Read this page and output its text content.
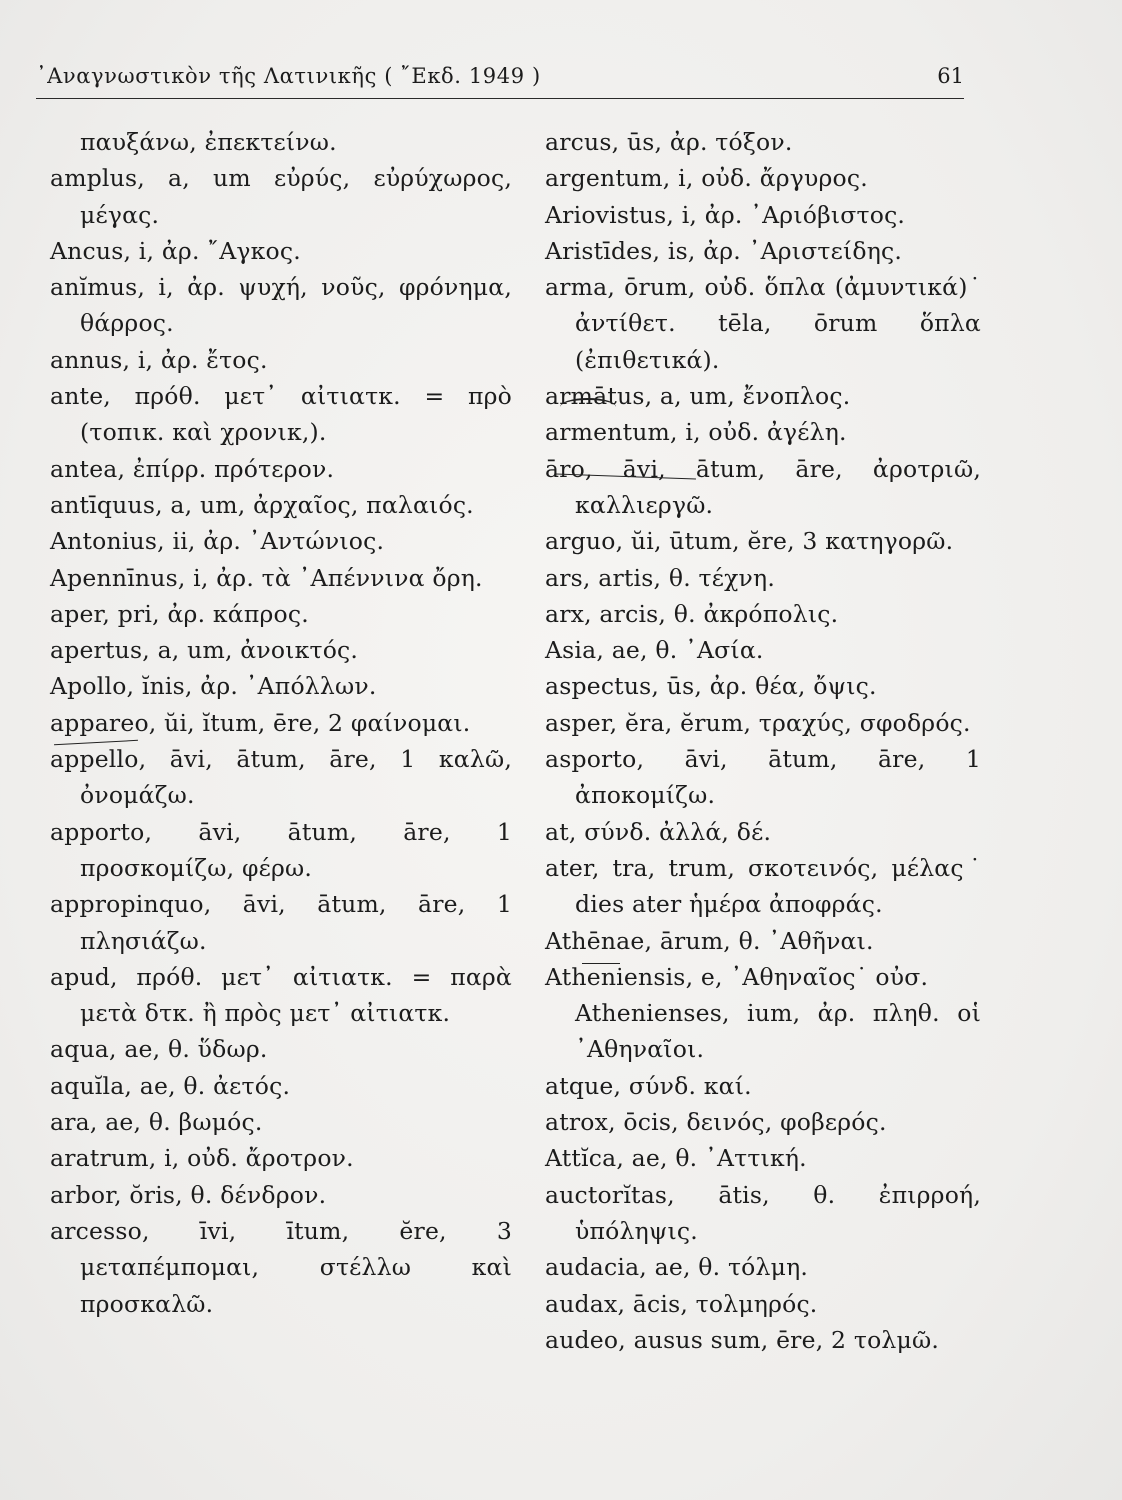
᾿Αναγνωστικὸν τῆς Λατινικῆς ( ῎Εκδ. 1949 )	61

παυξάνω, ἐπεκτείνω.

amplus, a, um εὐρύς, εὐρύχωρος, μέγας.

Ancus, i, ἀρ. ῎Αγκος.

anĭmus, i, ἀρ. ψυχή, νοῦς, φρόνημα, θάρρος.

annus, i, ἀρ. ἔτος.

ante, πρόθ. μετ᾿ αἰτιατκ. = πρὸ (τοπικ. καὶ χρονικ,).

antea, ἐπίρρ. πρότερον.

antīquus, a, um, ἀρχαῖος, παλαιός.

Antonius, ii, ἀρ. ᾿Αντώνιος.

Apennīnus, i, ἀρ. τὰ ᾿Απέννινα ὄρη.

aper, pri, ἀρ. κάπρος.

apertus, a, um, ἀνοικτός.

Apollo, ĭnis, ἀρ. ᾿Απόλλων.

appareo, ŭi, ĭtum, ēre, 2 φαίνομαι.

appello, āvi, ātum, āre, 1 καλῶ, ὀνομάζω.

apporto, āvi, ātum, āre, 1 προσκομίζω, φέρω.

appropinquo, āvi, ātum, āre, 1 πλησιάζω.

apud, πρόθ. μετ᾿ αἰτιατκ. = παρὰ μετὰ δτκ. ἢ πρὸς μετ᾿ αἰτιατκ.

aqua, ae, θ. ὕδωρ.

aquĭla, ae, θ. ἀετός.

ara, ae, θ. βωμός.

aratrum, i, οὐδ. ἄροτρον.

arbor, ŏris, θ. δένδρον.

arcesso, īvi, ītum, ĕre, 3 μεταπέμπομαι, στέλλω καὶ προσκαλῶ.

arcus, ūs, ἀρ. τόξον.

argentum, i, οὐδ. ἄργυρος.

Ariovistus, i, ἀρ. ᾿Αριόβιστος.

Aristīdes, is, ἀρ. ᾿Αριστείδης.

arma, ōrum, οὐδ. ὅπλα (ἀμυντικά)˙ ἀντίθετ. tēla, ōrum ὅπλα (ἐπιθετικά).

armātus, a, um, ἔνοπλος.

armentum, i, οὐδ. ἀγέλη.

āro, āvi, ātum, āre, ἀροτριῶ, καλλιεργῶ.

arguo, ŭi, ūtum, ĕre, 3 κατηγορῶ.

ars, artis, θ. τέχνη.

arx, arcis, θ. ἀκρόπολις.

Asia, ae, θ. ᾿Ασία.

aspectus, ūs, ἀρ. θέα, ὄψις.

asper, ĕra, ĕrum, τραχύς, σφοδρός.

asporto, āvi, ātum, āre, 1 ἀποκομίζω.

at, σύνδ. ἀλλά, δέ.

ater, tra, trum, σκοτεινός, μέλας˙ dies ater ἡμέρα ἀποφράς.

Athēnae, ārum, θ. ᾿Αθῆναι.

Atheniensis, e, ᾿Αθηναῖος˙ οὐσ.

Athenienses, ium, ἀρ. πληθ. οἱ ᾿Αθηναῖοι.

atque, σύνδ. καί.

atrox, ōcis, δεινός, φοβερός.

Attĭca, ae, θ. ᾿Αττική.

auctorĭtas, ātis, θ. ἐπιρροή, ὑπόληψις.

audacia, ae, θ. τόλμη.

audax, ācis, τολμηρός.

audeo, ausus sum, ēre, 2 τολμῶ.
